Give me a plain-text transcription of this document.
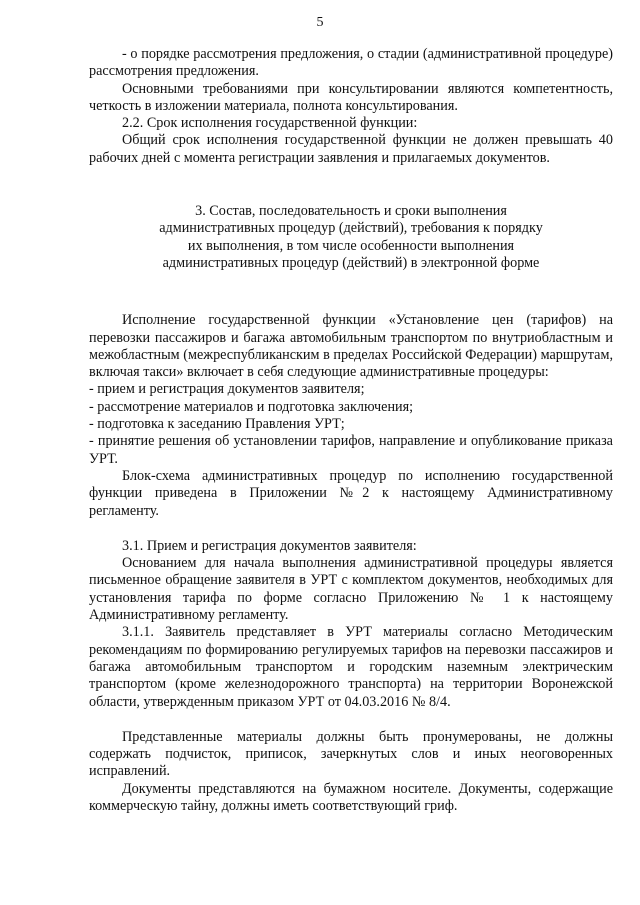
5

- о порядке рассмотрения предложения, о стадии (административной процедуре) рассмотрения предложения.

Основными требованиями при консультировании являются компетентность, четкость в изложении материала, полнота консультирования.

2.2. Срок исполнения государственной функции:

Общий срок исполнения государственной функции не должен превышать 40 рабочих дней с момента регистрации заявления и прилагаемых документов.

3. Состав, последовательность и сроки выполнения
административных процедур (действий), требования к порядку
их выполнения, в том числе особенности выполнения
административных процедур (действий) в электронной форме

Исполнение государственной функции «Установление цен (тарифов) на перевозки пассажиров и багажа автомобильным транспортом по внутриобластным и межобластным (межреспубликанским в пределах Российской Федерации) маршрутам, включая такси» включает в себя следующие административные процедуры:

- прием и регистрация документов заявителя;

- рассмотрение материалов и подготовка заключения;

- подготовка к заседанию Правления УРТ;

- принятие решения об установлении тарифов, направление и опубликование приказа УРТ.

Блок-схема административных процедур по исполнению государственной функции приведена в Приложении №2 к настоящему Административному регламенту.

3.1. Прием и регистрация документов заявителя:

Основанием для начала выполнения административной процедуры является письменное обращение заявителя в УРТ с комплектом документов, необходимых для установления тарифа по форме согласно Приложению № 1 к настоящему Административному регламенту.

3.1.1. Заявитель представляет в УРТ материалы согласно Методическим рекомендациям по формированию регулируемых тарифов на перевозки пассажиров и багажа автомобильным транспортом и городским наземным электрическим транспортом (кроме железнодорожного транспорта) на территории Воронежской области, утвержденным приказом УРТ от 04.03.2016 № 8/4.

Представленные материалы должны быть пронумерованы, не должны содержать подчисток, приписок, зачеркнутых слов и иных неоговоренных исправлений.

Документы представляются на бумажном носителе. Документы, содержащие коммерческую тайну, должны иметь соответствующий гриф.
